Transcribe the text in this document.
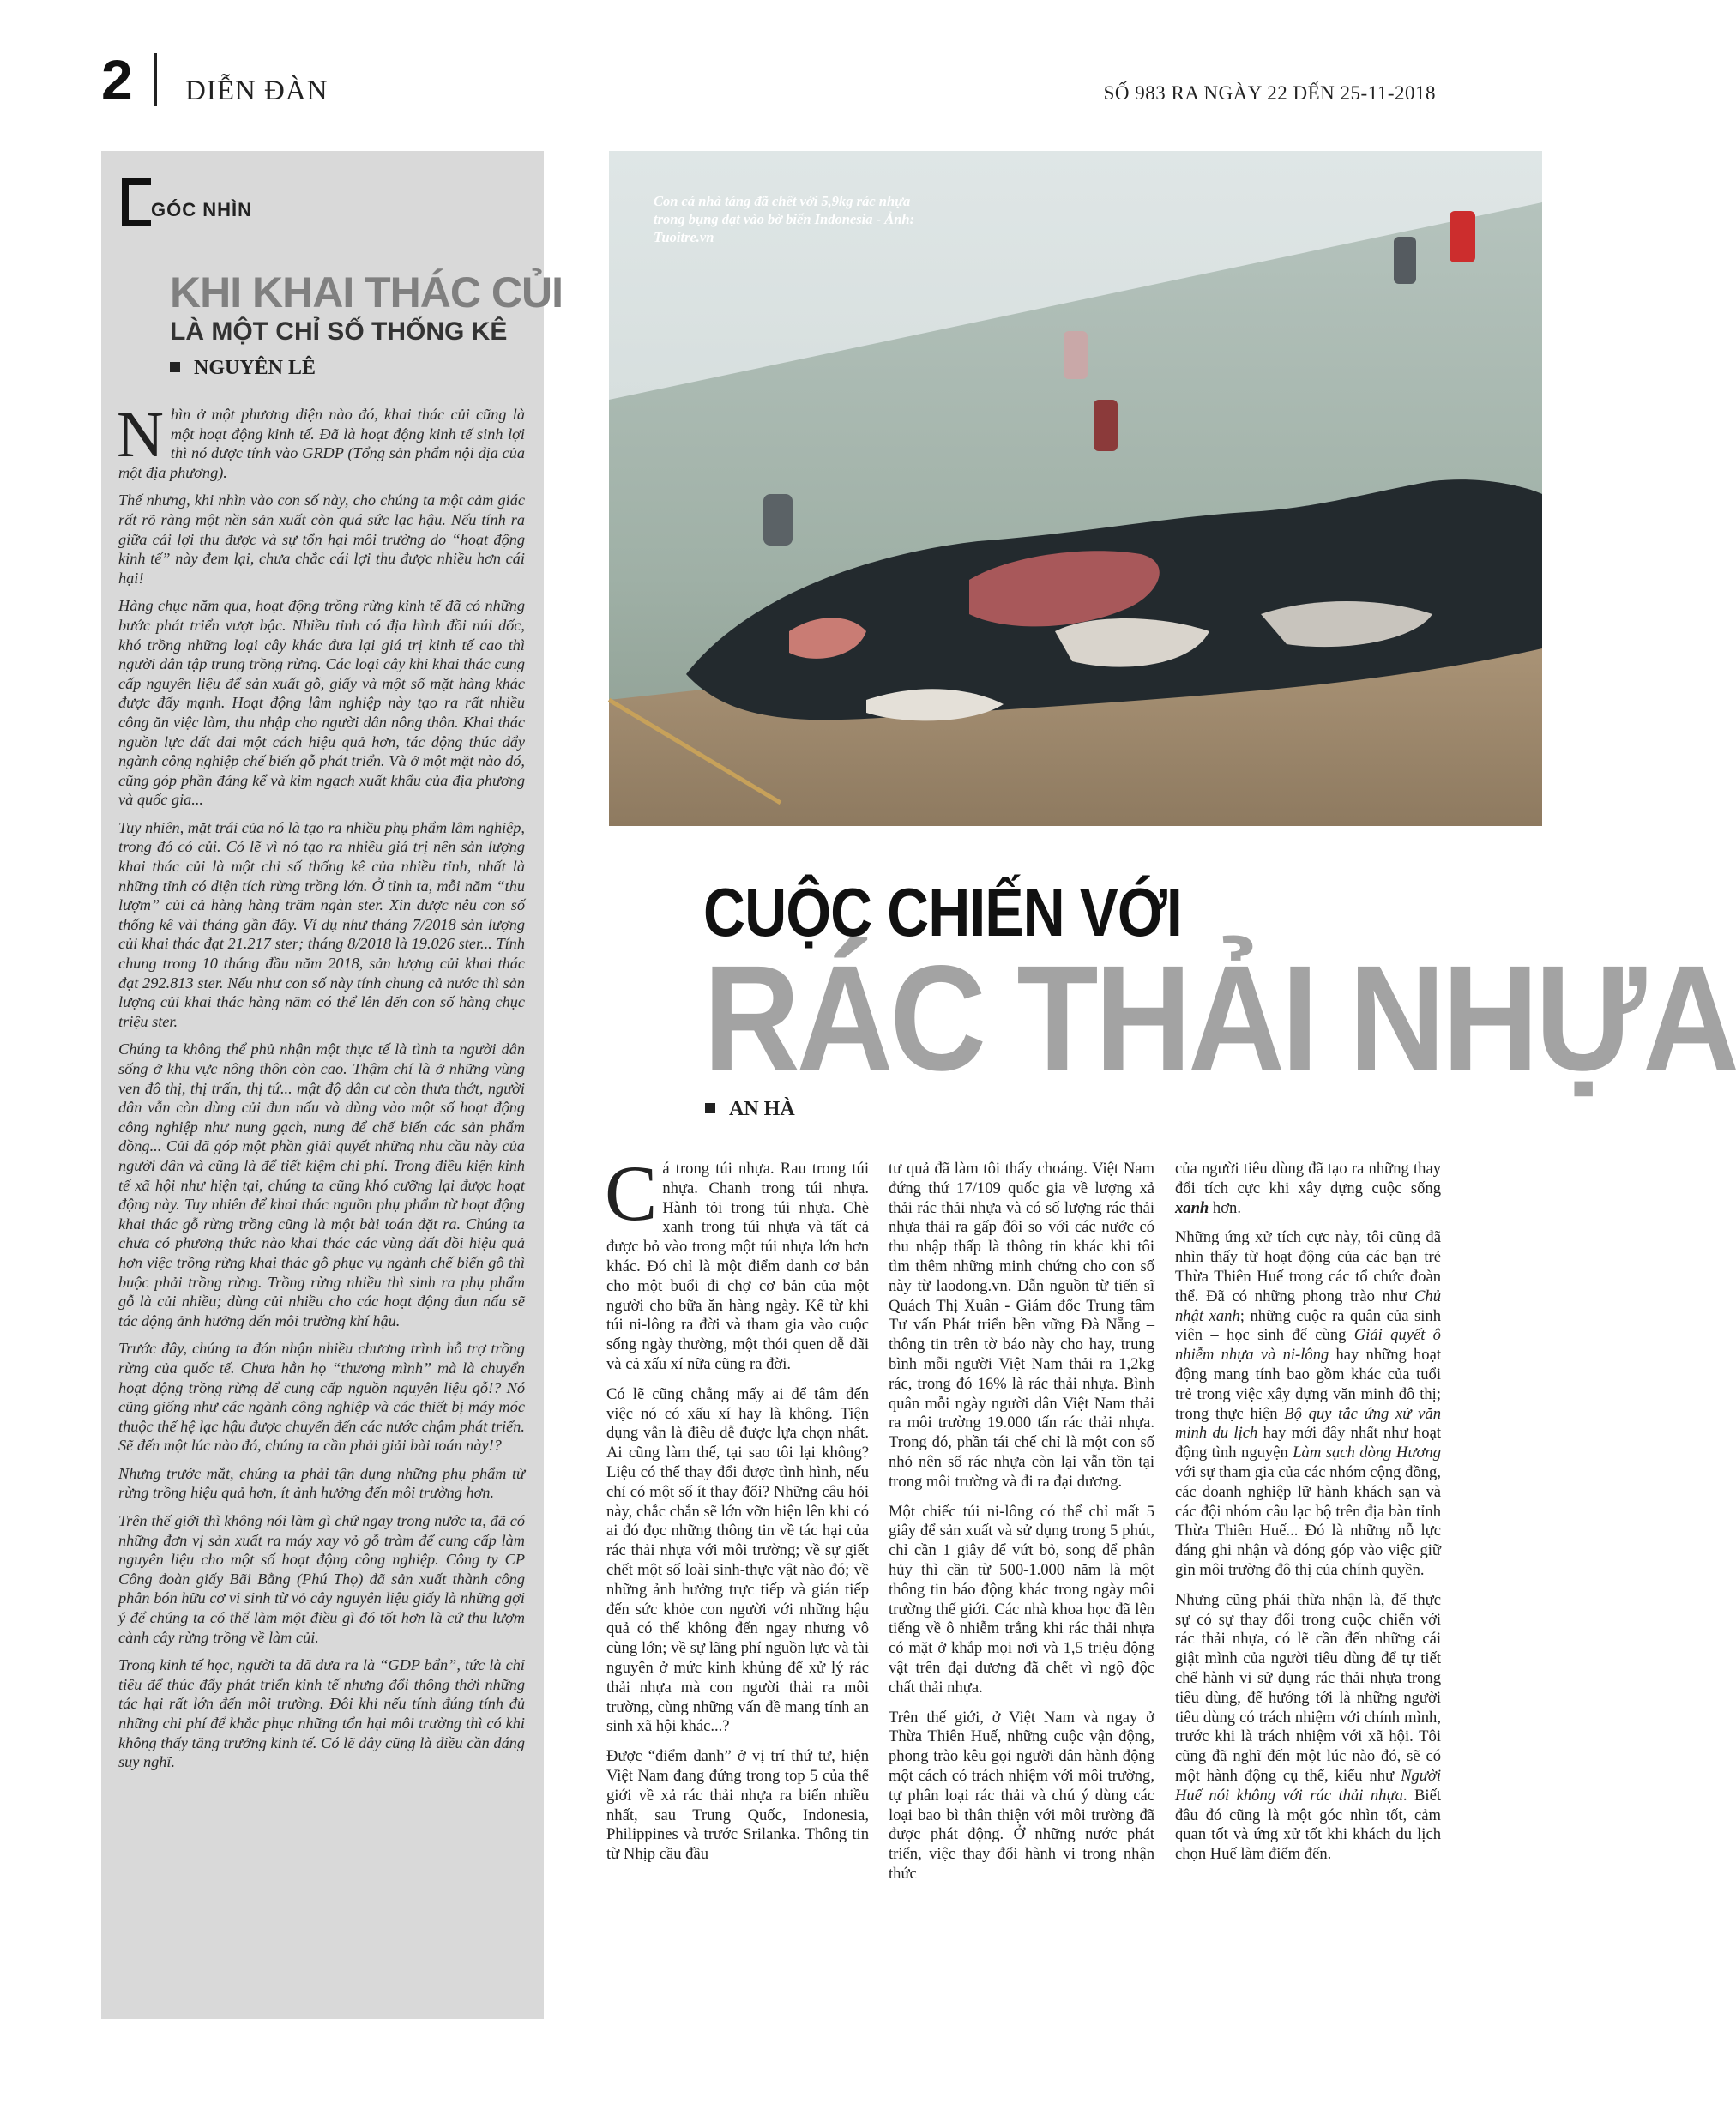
2 DIỄN ĐÀN	SỐ 983 RA NGÀY 22 ĐẾN 25-11-2018
GÓC NHÌN
KHI KHAI THÁC CỦI
LÀ MỘT CHỈ SỐ THỐNG KÊ
NGUYÊN LÊ

Nhìn ở một phương diện nào đó, khai thác củi cũng là một hoạt động kinh tế. Đã là hoạt động kinh tế sinh lợi thì nó được tính vào GRDP (Tổng sản phẩm nội địa của một địa phương).

Thế nhưng, khi nhìn vào con số này, cho chúng ta một cảm giác rất rõ ràng một nền sản xuất còn quá sức lạc hậu. Nếu tính ra giữa cái lợi thu được và sự tổn hại môi trường do “hoạt động kinh tế” này đem lại, chưa chắc cái lợi thu được nhiều hơn cái hại!

Hàng chục năm qua, hoạt động trồng rừng kinh tế đã có những bước phát triển vượt bậc. Nhiều tỉnh có địa hình đồi núi dốc, khó trồng những loại cây khác đưa lại giá trị kinh tế cao thì người dân tập trung trồng rừng. Các loại cây khi khai thác cung cấp nguyên liệu để sản xuất gỗ, giấy và một số mặt hàng khác được đẩy mạnh. Hoạt động lâm nghiệp này tạo ra rất nhiều công ăn việc làm, thu nhập cho người dân nông thôn. Khai thác nguồn lực đất đai một cách hiệu quả hơn, tác động thúc đẩy ngành công nghiệp chế biến gỗ phát triển. Và ở một mặt nào đó, cũng góp phần đáng kể và kim ngạch xuất khẩu của địa phương và quốc gia...

Tuy nhiên, mặt trái của nó là tạo ra nhiều phụ phẩm lâm nghiệp, trong đó có củi. Có lẽ vì nó tạo ra nhiều giá trị nên sản lượng khai thác củi là một chỉ số thống kê của nhiều tỉnh, nhất là những tỉnh có diện tích rừng trồng lớn. Ở tỉnh ta, mỗi năm “thu lượm” củi cả hàng hàng trăm ngàn ster. Xin được nêu con số thống kê vài tháng gần đây. Ví dụ như tháng 7/2018 sản lượng củi khai thác đạt 21.217 ster; tháng 8/2018 là 19.026 ster... Tính chung trong 10 tháng đầu năm 2018, sản lượng củi khai thác đạt 292.813 ster. Nếu như con số này tính chung cả nước thì sản lượng củi khai thác hàng năm có thể lên đến con số hàng chục triệu ster.

Chúng ta không thể phủ nhận một thực tế là tình ta người dân sống ở khu vực nông thôn còn cao. Thậm chí là ở những vùng ven đô thị, thị trấn, thị tứ... mật độ dân cư còn thưa thớt, người dân vẫn còn dùng củi đun nấu và dùng vào một số hoạt động công nghiệp như nung gạch, nung để chế biến các sản phẩm đồng... Củi đã góp một phần giải quyết những nhu cầu này của người dân và cũng là để tiết kiệm chi phí. Trong điều kiện kinh tế xã hội như hiện tại, chúng ta cũng khó cưỡng lại được hoạt động này. Tuy nhiên để khai thác nguồn phụ phẩm từ hoạt động khai thác gỗ rừng trồng cũng là một bài toán đặt ra. Chúng ta chưa có phương thức nào khai thác các vùng đất đồi hiệu quả hơn việc trồng rừng khai thác gỗ phục vụ ngành chế biến gỗ thì buộc phải trồng rừng. Trồng rừng nhiều thì sinh ra phụ phẩm gỗ là củi nhiều; dùng củi nhiều cho các hoạt động đun nấu sẽ tác động ảnh hưởng đến môi trường khí hậu.

Trước đây, chúng ta đón nhận nhiều chương trình hỗ trợ trồng rừng của quốc tế. Chưa hẳn họ “thương mình” mà là chuyển hoạt động trồng rừng để cung cấp nguồn nguyên liệu gỗ!? Nó cũng giống như các ngành công nghiệp và các thiết bị máy móc thuộc thế hệ lạc hậu được chuyển đến các nước chậm phát triển. Sẽ đến một lúc nào đó, chúng ta cần phải giải bài toán này!?

Nhưng trước mắt, chúng ta phải tận dụng những phụ phẩm từ rừng trồng hiệu quả hơn, ít ảnh hưởng đến môi trường hơn.

Trên thế giới thì không nói làm gì chứ ngay trong nước ta, đã có những đơn vị sản xuất ra máy xay vỏ gỗ tràm để cung cấp làm nguyên liệu cho một số hoạt động công nghiệp. Công ty CP Công đoàn giấy Bãi Bằng (Phú Thọ) đã sản xuất thành công phân bón hữu cơ vi sinh từ vỏ cây nguyên liệu giấy là những gợi ý để chúng ta có thể làm một điều gì đó tốt hơn là cứ thu lượm cành cây rừng trồng về làm củi.

Trong kinh tế học, người ta đã đưa ra là “GDP bẩn”, tức là chỉ tiêu để thúc đẩy phát triển kinh tế nhưng đổi thông thời những tác hại rất lớn đến môi trường. Đôi khi nếu tính đúng tính đủ những chi phí để khắc phục những tổn hại môi trường thì có khi không thấy tăng trưởng kinh tế. Có lẽ đây cũng là điều cần đáng suy nghĩ.

Con cá nhà táng đã chết với 5,9kg rác nhựa trong bụng dạt vào bờ biển Indonesia - Ảnh: Tuoitre.vn
CUỘC CHIẾN VỚI
RÁC THẢI NHỰA
AN HÀ

Cá trong túi nhựa. Rau trong túi nhựa. Chanh trong túi nhựa. Hành tỏi trong túi nhựa. Chè xanh trong túi nhựa và tất cả được bỏ vào trong một túi nhựa lớn hơn khác. Đó chỉ là một điểm danh cơ bản cho một buổi đi chợ cơ bản của một người cho bữa ăn hàng ngày. Kể từ khi túi ni-lông ra đời và tham gia vào cuộc sống ngày thường, một thói quen dễ dãi và cả xấu xí nữa cũng ra đời.

Có lẽ cũng chẳng mấy ai để tâm đến việc nó có xấu xí hay là không. Tiện dụng vẫn là điều dễ được lựa chọn nhất. Ai cũng làm thế, tại sao tôi lại không? Liệu có thể thay đổi được tình hình, nếu chỉ có một số ít thay đổi? Những câu hỏi này, chắc chắn sẽ lớn vỡn hiện lên khi có ai đó đọc những thông tin về tác hại của rác thải nhựa với môi trường; về sự giết chết một số loài sinh-thực vật nào đó; về những ảnh hưởng trực tiếp và gián tiếp đến sức khỏe con người với những hậu quả có thể không đến ngay nhưng vô cùng lớn; về sự lãng phí nguồn lực và tài nguyên ở mức kinh khủng để xử lý rác thải nhựa mà con người thải ra môi trường, cùng những vấn đề mang tính an sinh xã hội khác...?

Được “điểm danh” ở vị trí thứ tư, hiện Việt Nam đang đứng trong top 5 của thế giới về xả rác thải nhựa ra biển nhiều nhất, sau Trung Quốc, Indonesia, Philippines và trước Srilanka. Thông tin từ Nhịp cầu đầu

tư quả đã làm tôi thấy choáng. Việt Nam đứng thứ 17/109 quốc gia về lượng xả thải rác thải nhựa và có số lượng rác thải nhựa thải ra gấp đôi so với các nước có thu nhập thấp là thông tin khác khi tôi tìm thêm những minh chứng cho con số này từ laodong.vn. Dẫn nguồn từ tiến sĩ Quách Thị Xuân - Giám đốc Trung tâm Tư vấn Phát triển bền vững Đà Nẵng – thông tin trên tờ báo này cho hay, trung bình mỗi người Việt Nam thải ra 1,2kg rác, trong đó 16% là rác thải nhựa. Bình quân mỗi ngày người dân Việt Nam thải ra môi trường 19.000 tấn rác thải nhựa. Trong đó, phần tái chế chỉ là một con số nhỏ nên số rác nhựa còn lại vẫn tồn tại trong môi trường và đi ra đại dương.

Một chiếc túi ni-lông có thể chỉ mất 5 giây để sản xuất và sử dụng trong 5 phút, chỉ cần 1 giây để vứt bỏ, song để phân hủy thì cần từ 500-1.000 năm là một thông tin báo động khác trong ngày môi trường thế giới. Các nhà khoa học đã lên tiếng về ô nhiễm trắng khi rác thải nhựa có mặt ở khắp mọi nơi và 1,5 triệu động vật trên đại dương đã chết vì ngộ độc chất thải nhựa.

Trên thế giới, ở Việt Nam và ngay ở Thừa Thiên Huế, những cuộc vận động, phong trào kêu gọi người dân hành động một cách có trách nhiệm với môi trường, tự phân loại rác thải và chú ý dùng các loại bao bì thân thiện với môi trường đã được phát động. Ở những nước phát triển, việc thay đổi hành vi trong nhận thức

của người tiêu dùng đã tạo ra những thay đổi tích cực khi xây dựng cuộc sống xanh hơn.

Những ứng xử tích cực này, tôi cũng đã nhìn thấy từ hoạt động của các bạn trẻ Thừa Thiên Huế trong các tổ chức đoàn thể. Đã có những phong trào như Chủ nhật xanh; những cuộc ra quân của sinh viên – học sinh để cùng Giải quyết ô nhiễm nhựa và ni-lông hay những hoạt động mang tính bao gồm khác của tuổi trẻ trong việc xây dựng văn minh đô thị; trong thực hiện Bộ quy tắc ứng xử văn minh du lịch hay mới đây nhất như hoạt động tình nguyện Làm sạch dòng Hương với sự tham gia của các nhóm cộng đồng, các doanh nghiệp lữ hành khách sạn và các đội nhóm câu lạc bộ trên địa bàn tỉnh Thừa Thiên Huế... Đó là những nỗ lực đáng ghi nhận và đóng góp vào việc giữ gìn môi trường đô thị của chính quyền.

Nhưng cũng phải thừa nhận là, để thực sự có sự thay đổi trong cuộc chiến với rác thải nhựa, có lẽ cần đến những cái giật mình của người tiêu dùng để tự tiết chế hành vi sử dụng rác thải nhựa trong tiêu dùng, để hướng tới là những người tiêu dùng có trách nhiệm với chính mình, trước khi là trách nhiệm với xã hội. Tôi cũng đã nghĩ đến một lúc nào đó, sẽ có một hành động cụ thể, kiểu như Người Huế nói không với rác thải nhựa. Biết đâu đó cũng là một góc nhìn tốt, cảm quan tốt và ứng xử tốt khi khách du lịch chọn Huế làm điểm đến.
